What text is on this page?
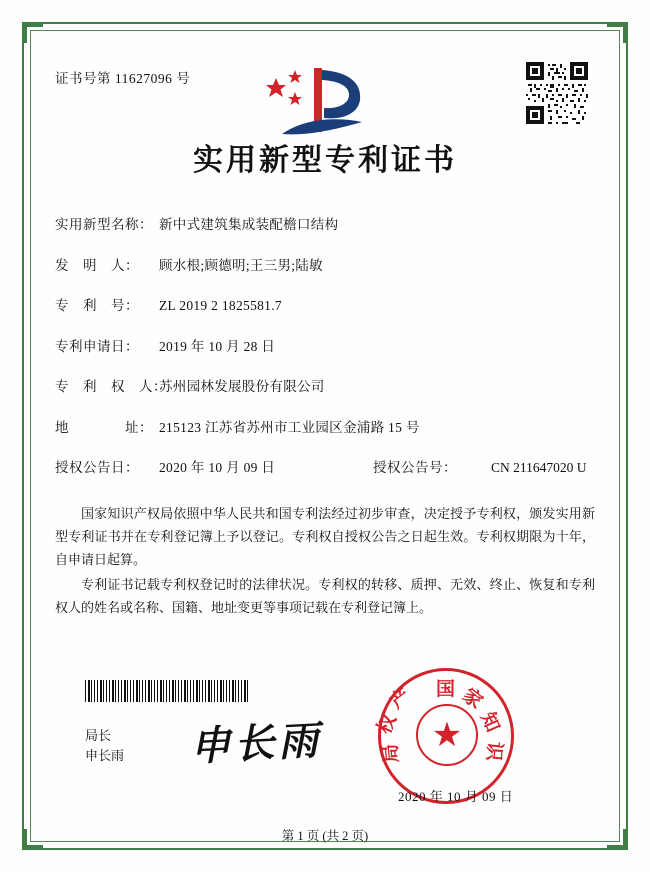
证书号第 11627096 号
实用新型专利证书
实用新型名称： 新中式建筑集成装配檐口结构
发　明　人：	顾水根;顾德明;王三男;陆敏
专　利　号：	ZL 2019 2 1825581.7
专利申请日：	2019 年 10 月 28 日
专　利　权　人：
苏州园林发展股份有限公司
地　　　　址： 215123 江苏省苏州市工业园区金浦路 15 号
授权公告日：	2020 年 10 月 09 日	授权公告号：	CN 211647020 U

国家知识产权局依照中华人民共和国专利法经过初步审查，决定授予专利权，颁发实用新型专利证书并在专利登记簿上予以登记。专利权自授权公告之日起生效。专利权期限为十年，自申请日起算。

专利证书记载专利权登记时的法律状况。专利权的转移、质押、无效、终止、恢复和专利权人的姓名或名称、国籍、地址变更等事项记载在专利登记簿上。

局长
申长雨 申长雨	★
国 家
知
识
产
权
局
2020 年 10 月 09 日
第 1 页 (共 2 页)
